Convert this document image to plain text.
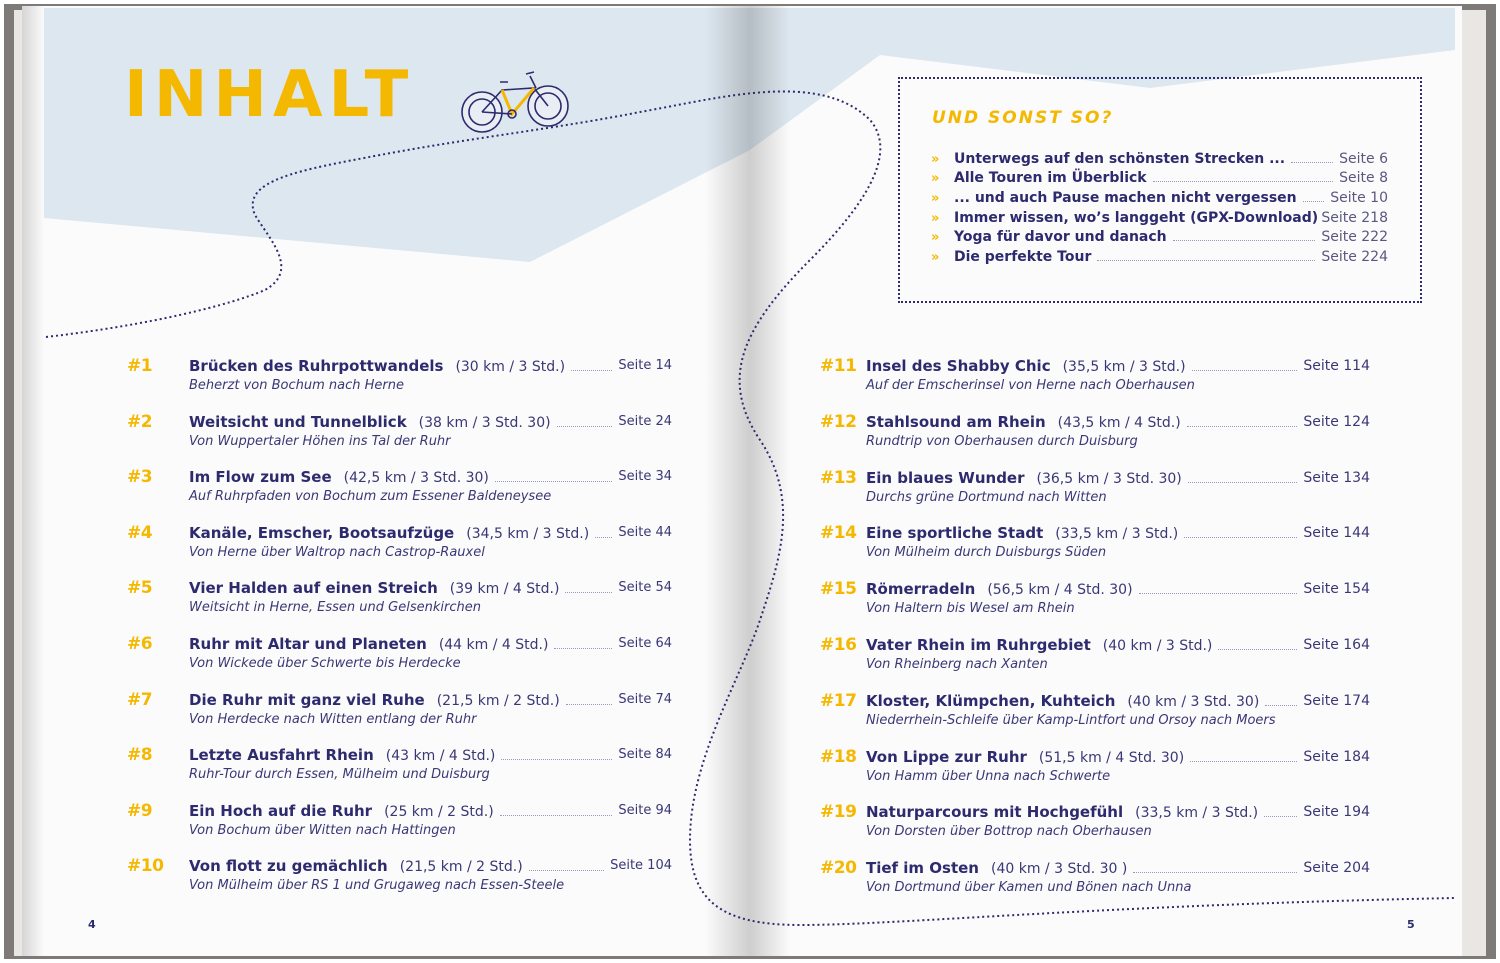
INHALT	UND SONST SO?
» Unterwegs auf den schönsten Strecken ...	Seite 6
» Alle Touren im Überblick	Seite 8
» ... und auch Pause machen nicht vergessen Seite 10
» Immer wissen, wo’s langgeht (GPX-Download) Seite 218
» Yoga für davor und danach	Seite 222
» Die perfekte Tour	Seite 224
#1 Brücken des Ruhrpottwandels (30 km / 3 Std.)
Beherzt von Bochum nach Herne
Seite 14
#2 Weitsicht und Tunnelblick (38 km / 3 Std. 30)
Von Wuppertaler Höhen ins Tal der Ruhr
Seite 24
#3 Im Flow zum See (42,5 km / 3 Std. 30)
Auf Ruhrpfaden von Bochum zum Essener Baldeneysee
Seite 34
#4 Kanäle, Emscher, Bootsaufzüge (34,5 km / 3 Std.)
Von Herne über Waltrop nach Castrop-Rauxel
Seite 44
#5 Vier Halden auf einen Streich (39 km / 4 Std.)
Weitsicht in Herne, Essen und Gelsenkirchen
Seite 54
#6 Ruhr mit Altar und Planeten (44 km / 4 Std.)
Von Wickede über Schwerte bis Herdecke
Seite 64
#7 Die Ruhr mit ganz viel Ruhe (21,5 km / 2 Std.)
Von Herdecke nach Witten entlang der Ruhr
Seite 74
#8 Letzte Ausfahrt Rhein (43 km / 4 Std.)
Ruhr-Tour durch Essen, Mülheim und Duisburg
Seite 84
#9 Ein Hoch auf die Ruhr (25 km / 2 Std.)
Von Bochum über Witten nach Hattingen
Seite 94
#10 Von flott zu gemächlich (21,5 km / 2 Std.)
Von Mülheim über RS 1 und Grugaweg nach Essen-Steele
Seite 104
#11 Insel des Shabby Chic (35,5 km / 3 Std.)
Auf der Emscherinsel von Herne nach Oberhausen
Seite 114
#12 Stahlsound am Rhein (43,5 km / 4 Std.)
Rundtrip von Oberhausen durch Duisburg
Seite 124
#13 Ein blaues Wunder (36,5 km / 3 Std. 30)
Durchs grüne Dortmund nach Witten
Seite 134
#14 Eine sportliche Stadt (33,5 km / 3 Std.)
Von Mülheim durch Duisburgs Süden
Seite 144
#15 Römerradeln (56,5 km / 4 Std. 30)
Von Haltern bis Wesel am Rhein
Seite 154
#16 Vater Rhein im Ruhrgebiet (40 km / 3 Std.)
Von Rheinberg nach Xanten
Seite 164
#17 Kloster, Klümpchen, Kuhteich (40 km / 3 Std. 30)
Niederrhein-Schleife über Kamp-Lintfort und Orsoy nach Moers
Seite 174
#18 Von Lippe zur Ruhr (51,5 km / 4 Std. 30)
Von Hamm über Unna nach Schwerte
Seite 184
#19 Naturparcours mit Hochgefühl (33,5 km / 3 Std.)
Von Dorsten über Bottrop nach Oberhausen
Seite 194
#20 Tief im Osten (40 km / 3 Std. 30 )
Von Dortmund über Kamen und Bönen nach Unna
Seite 204
4	5
